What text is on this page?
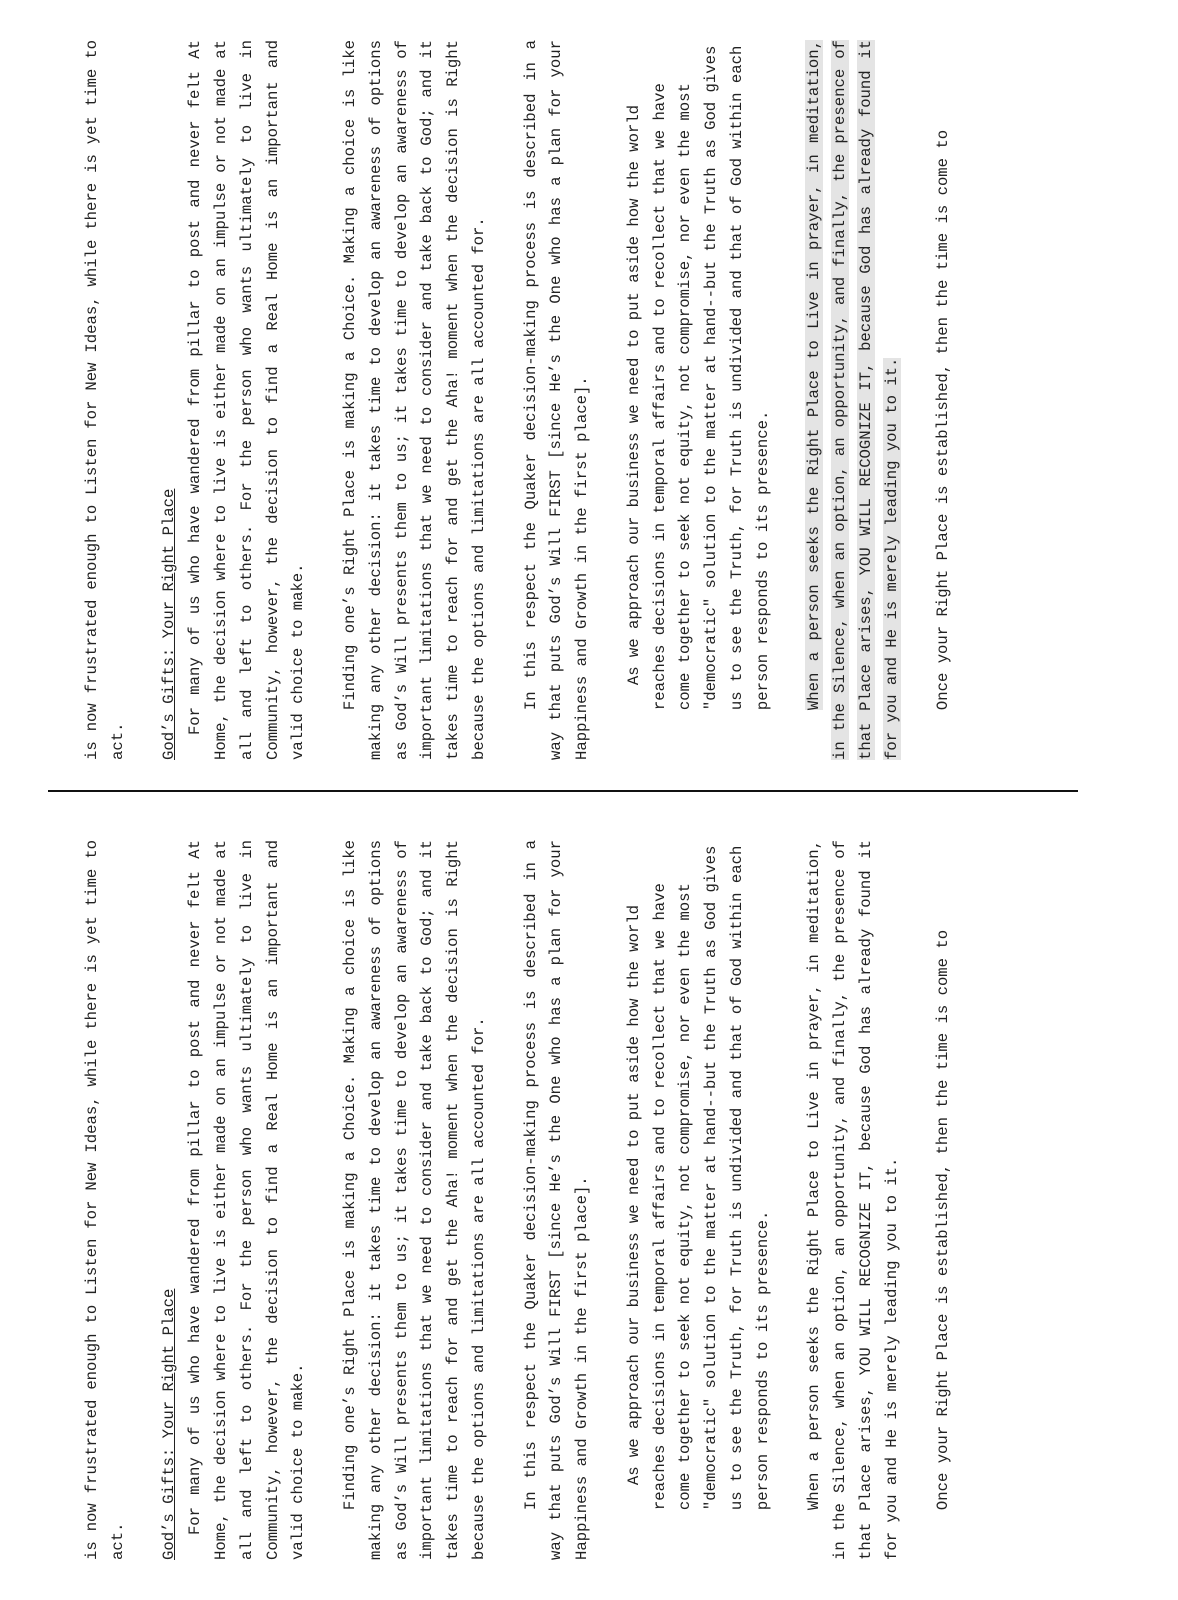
is now frustrated enough to Listen for New Ideas, while there is yet time to act.	God’s Gifts: Your Right Place For many of us who have wandered from pillar to post and never felt At Home, the decision where to live is either made on an impulse or not made at all and left to others. For the person who wants ultimately to live in Community, however, the decision to find a Real Home is an important and valid choice to make.	Finding one’s Right Place is making a Choice. Making a choice is like making any other decision: it takes time to develop an awareness of options as God’s Will presents them to us; it takes time to develop an awareness of important limitations that we need to consider and take back to God; and it takes time to reach for and get the Aha! moment when the decision is Right because the options and limitations are all accounted for.	In this respect the Quaker decision-making process is described in a way that puts God’s Will FIRST [since He’s the One who has a plan for your Happiness and Growth in the first place].	As we approach our business we need to put aside how the world reaches decisions in temporal affairs and to recollect that we have come together to seek not equity, not compromise, nor even the most "democratic" solution to the matter at hand--but the Truth as God gives us to see the Truth, for Truth is undivided and that of God within each person responds to its presence.	When a person seeks the Right Place to Live in prayer, in meditation, in the Silence, when an option, an opportunity, and finally, the presence of that Place arises, YOU WILL RECOGNIZE IT, because God has already found it for you and He is merely leading you to it.	Once your Right Place is established, then the time is come to

is now frustrated enough to Listen for New Ideas, while there is yet time to act.	God’s Gifts: Your Right Place For many of us who have wandered from pillar to post and never felt At Home, the decision where to live is either made on an impulse or not made at all and left to others. For the person who wants ultimately to live in Community, however, the decision to find a Real Home is an important and valid choice to make.	Finding one’s Right Place is making a Choice. Making a choice is like making any other decision: it takes time to develop an awareness of options as God’s Will presents them to us; it takes time to develop an awareness of important limitations that we need to consider and take back to God; and it takes time to reach for and get the Aha! moment when the decision is Right because the options and limitations are all accounted for.	In this respect the Quaker decision-making process is described in a way that puts God’s Will FIRST [since He’s the One who has a plan for your Happiness and Growth in the first place].	As we approach our business we need to put aside how the world reaches decisions in temporal affairs and to recollect that we have come together to seek not equity, not compromise, nor even the most "democratic" solution to the matter at hand--but the Truth as God gives us to see the Truth, for Truth is undivided and that of God within each person responds to its presence.	When a person seeks the Right Place to Live in prayer, in meditation, in the Silence, when an option, an opportunity, and finally, the presence of that Place arises, YOU WILL RECOGNIZE IT, because God has already found it for you and He is merely leading you to it.	Once your Right Place is established, then the time is come to
